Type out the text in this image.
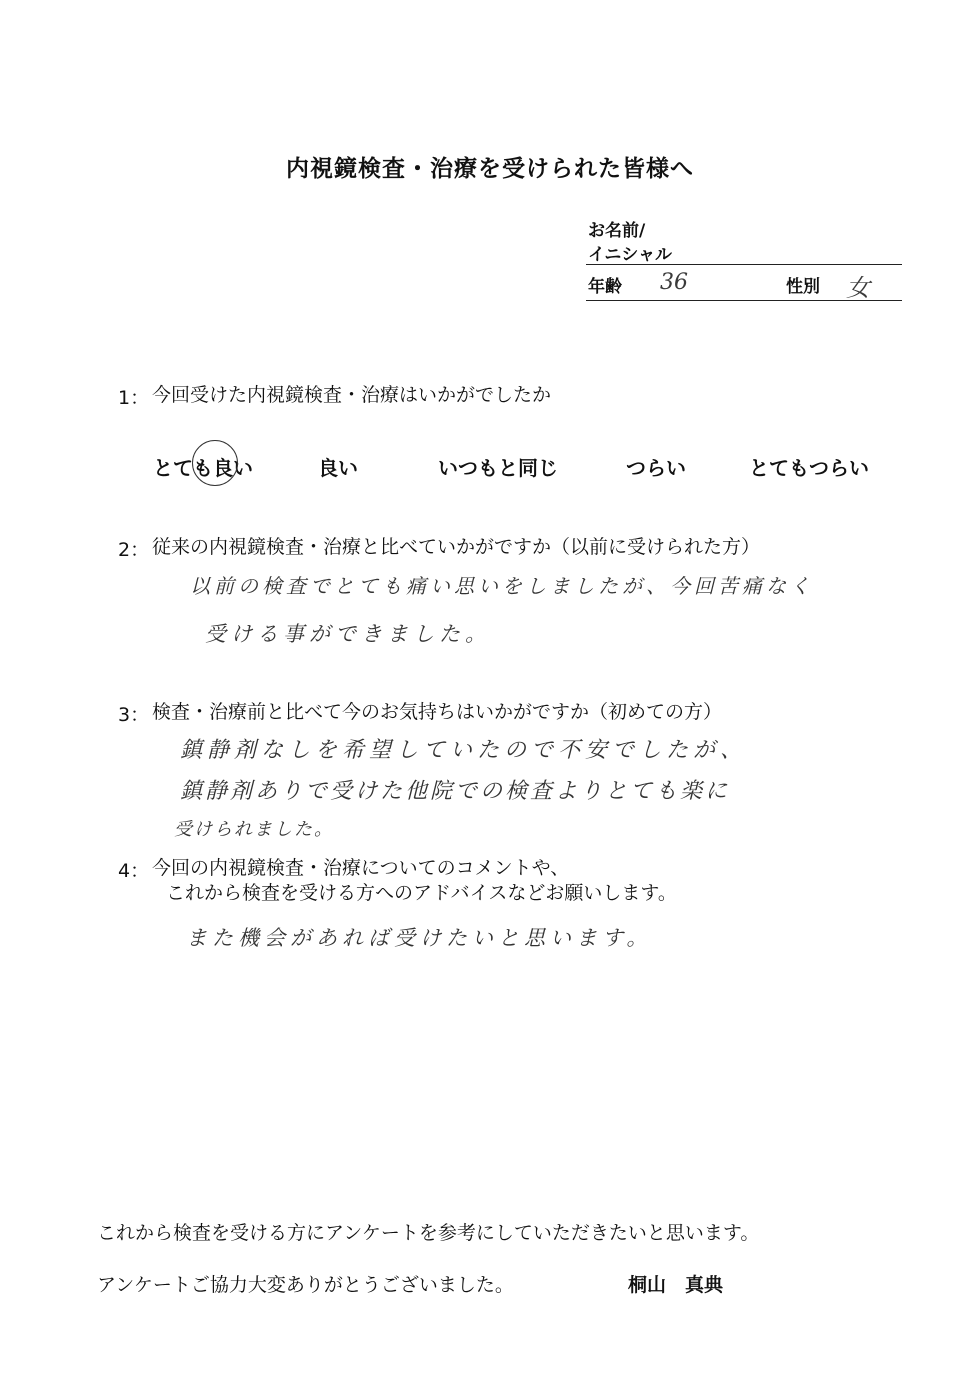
内視鏡検査・治療を受けられた皆様へ
お名前/
イニシャル
年齢 36	性別 女
1： 今回受けた内視鏡検査・治療はいかがでしたか
とても良い	良い	いつもと同じ	つらい	とてもつらい
2： 従来の内視鏡検査・治療と比べていかがですか（以前に受けられた方）
以前の検査でとても痛い思いをしましたが、今回苦痛なく
受ける事ができました。
3： 検査・治療前と比べて今のお気持ちはいかがですか（初めての方）
鎮静剤なしを希望していたので不安でしたが、
鎮静剤ありで受けた他院での検査よりとても楽に
受けられました。
4： 今回の内視鏡検査・治療についてのコメントや、
これから検査を受ける方へのアドバイスなどお願いします。
また機会があれば受けたいと思います。
これから検査を受ける方にアンケートを参考にしていただきたいと思います。
アンケートご協力大変ありがとうございました。	桐山　真典
